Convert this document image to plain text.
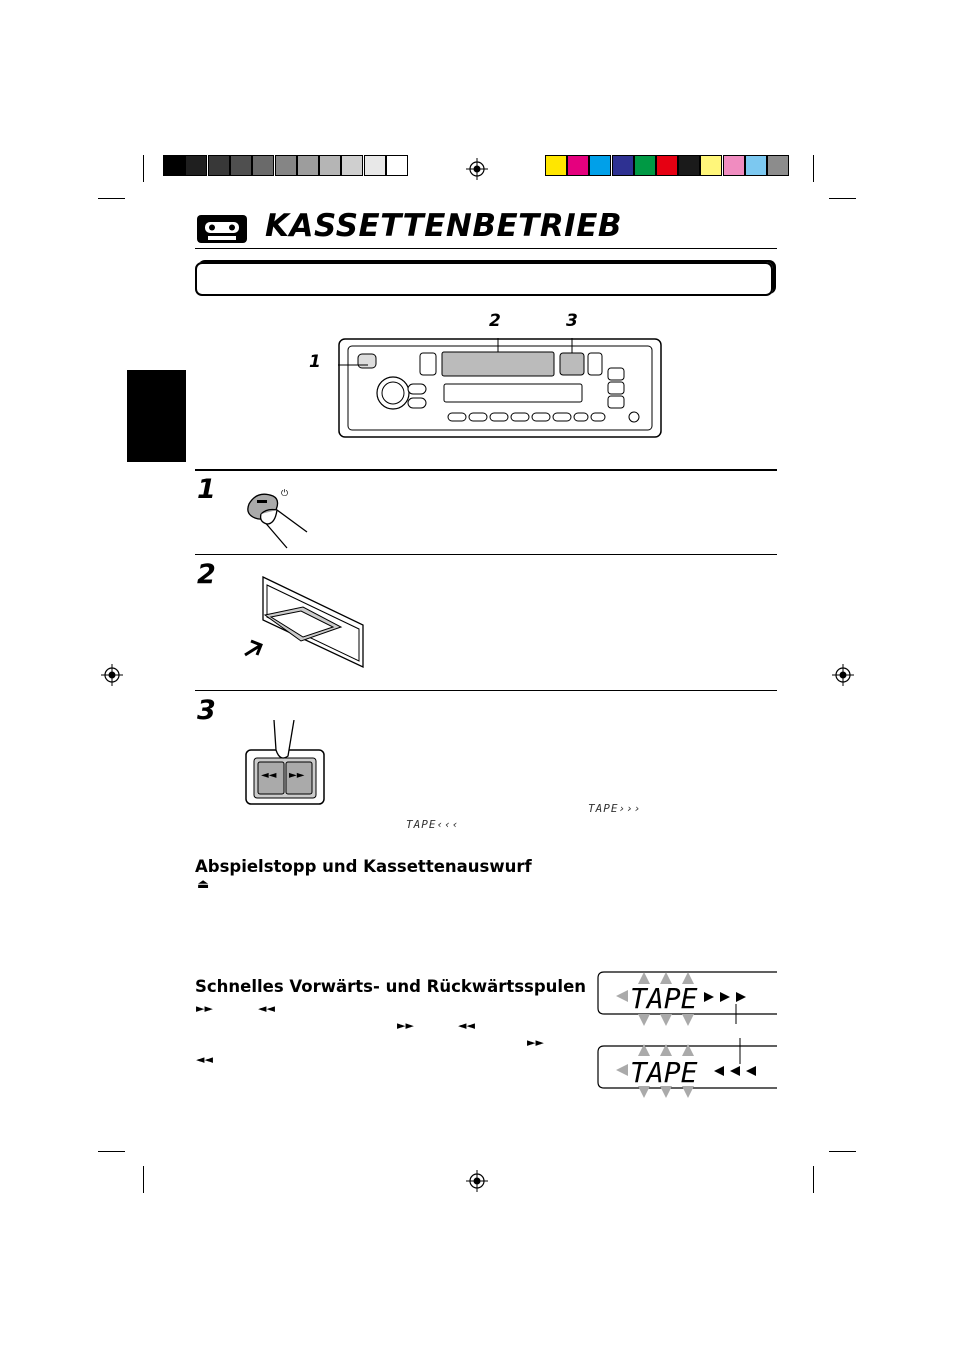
KASSETTENBETRIEB
1
2	3
1	⏻
2
3
◄◄ ►►
TAPE›››
TAPE‹‹‹
Abspielstopp und Kassettenauswurf
⏏
Schnelles Vorwärts- und Rückwärtsspulen
►►	◄◄
►►	◄◄
►►
◄◄
TAPE
TAPE
